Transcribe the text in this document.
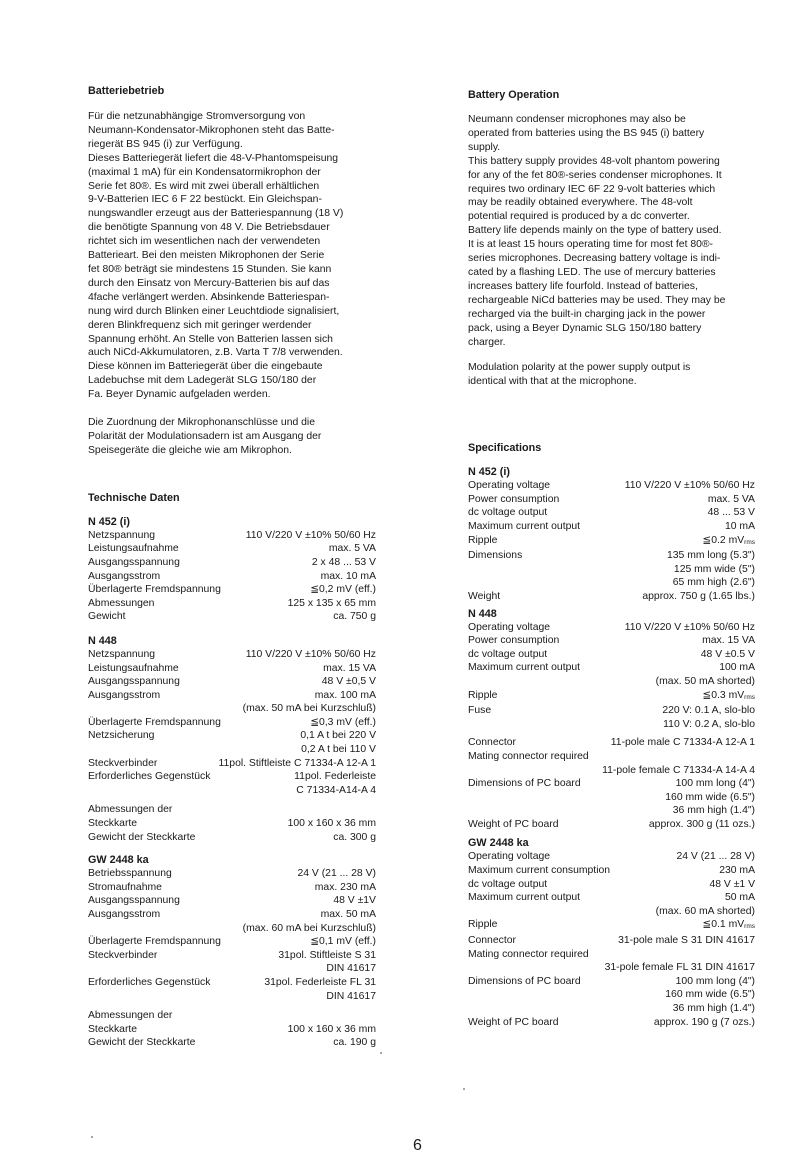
Batteriebetrieb

Für die netzunabhängige Stromversorgung von
Neumann-Kondensator-Mikrophonen steht das Batte-
riegerät BS 945 (i) zur Verfügung.

Dieses Batteriegerät liefert die 48-V-Phantomspeisung
(maximal 1 mA) für ein Kondensatormikrophon der
Serie fet 80®. Es wird mit zwei überall erhältlichen
9-V-Batterien IEC 6 F 22 bestückt. Ein Gleichspan-
nungswandler erzeugt aus der Batteriespannung (18 V)
die benötigte Spannung von 48 V. Die Betriebsdauer
richtet sich im wesentlichen nach der verwendeten
Batterieart. Bei den meisten Mikrophonen der Serie
fet 80® beträgt sie mindestens 15 Stunden. Sie kann
durch den Einsatz von Mercury-Batterien bis auf das
4fache verlängert werden. Absinkende Batteriespan-
nung wird durch Blinken einer Leuchtdiode signalisiert,
deren Blinkfrequenz sich mit geringer werdender
Spannung erhöht. An Stelle von Batterien lassen sich
auch NiCd-Akkumulatoren, z.B. Varta T 7/8 verwenden.
Diese können im Batteriegerät über die eingebaute
Ladebuchse mit dem Ladegerät SLG 150/180 der
Fa. Beyer Dynamic aufgeladen werden.

Die Zuordnung der Mikrophonanschlüsse und die
Polarität der Modulationsadern ist am Ausgang der
Speisegeräte die gleiche wie am Mikrophon.

Technische Daten
N 452 (i)
Netzspannung	110 V/220 V ±10% 50/60 Hz
Leistungsaufnahme	max. 5 VA
Ausgangsspannung	2 x 48 ... 53 V
Ausgangsstrom	max. 10 mA
Überlagerte Fremdspannung	≦0,2 mV (eff.)
Abmessungen	125 x 135 x 65 mm
Gewicht	ca. 750 g
N 448
Netzspannung	110 V/220 V ±10% 50/60 Hz
Leistungsaufnahme	max. 15 VA
Ausgangsspannung	48 V ±0,5 V
Ausgangsstrom	max. 100 mA
(max. 50 mA bei Kurzschluß)
Überlagerte Fremdspannung	≦0,3 mV (eff.)
Netzsicherung	0,1 A t bei 220 V
0,2 A t bei 110 V
Steckverbinder	11pol. Stiftleiste C 71334-A 12-A 1
Erforderliches Gegenstück	11pol. Federleiste
C 71334-A14-A 4
Abmessungen der
Steckkarte	100 x 160 x 36 mm
Gewicht der Steckkarte	ca. 300 g
GW 2448 ka
Betriebsspannung	24 V (21 ... 28 V)
Stromaufnahme	max. 230 mA
Ausgangsspannung	48 V ±1V
Ausgangsstrom	max. 50 mA
(max. 60 mA bei Kurzschluß)
Überlagerte Fremdspannung	≦0,1 mV (eff.)
Steckverbinder	31pol. Stiftleiste S 31
DIN 41617
Erforderliches Gegenstück	31pol. Federleiste FL 31
DIN 41617
Abmessungen der
Steckkarte	100 x 160 x 36 mm
Gewicht der Steckkarte	ca. 190 g
Battery Operation

Neumann condenser microphones may also be
operated from batteries using the BS 945 (i) battery
supply.
This battery supply provides 48-volt phantom powering
for any of the fet 80®-series condenser microphones. It
requires two ordinary IEC 6F 22 9-volt batteries which
may be readily obtained everywhere. The 48-volt
potential required is produced by a dc converter.
Battery life depends mainly on the type of battery used.
It is at least 15 hours operating time for most fet 80®-
series microphones. Decreasing battery voltage is indi-
cated by a flashing LED. The use of mercury batteries
increases battery life fourfold. Instead of batteries,
rechargeable NiCd batteries may be used. They may be
recharged via the built-in charging jack in the power
pack, using a Beyer Dynamic SLG 150/180 battery
charger.

Modulation polarity at the power supply output is
identical with that at the microphone.

Specifications
N 452 (i)
Operating voltage	110 V/220 V ±10% 50/60 Hz
Power consumption	max. 5 VA
dc voltage output	48 ... 53 V
Maximum current output	10 mA
Ripple	≦0.2 $mV_{rms}$
Dimensions	135 mm long (5.3")
125 mm wide (5")
65 mm high (2.6")
Weight	approx. 750 g (1.65 lbs.)
N 448
Operating voltage	110 V/220 V ±10% 50/60 Hz
Power consumption	max. 15 VA
dc voltage output	48 V ±0.5 V
Maximum current output	100 mA
(max. 50 mA shorted)
Ripple	≦0.3 $mV_{rms}$
Fuse	220 V: 0.1 A, slo-blo
110 V: 0.2 A, slo-blo
Connector	11-pole male C 71334-A 12-A 1
Mating connector required
11-pole female C 71334-A 14-A 4
Dimensions of PC board	100 mm long (4")
160 mm wide (6.5")
36 mm high (1.4")
Weight of PC board	approx. 300 g (11 ozs.)
GW 2448 ka
Operating voltage	24 V (21 ... 28 V)
Maximum current consumption	230 mA
dc voltage output	48 V ±1 V
Maximum current output	50 mA
(max. 60 mA shorted)
Ripple	≦0.1 $mV_{rms}$
Connector	31-pole male S 31 DIN 41617
Mating connector required
31-pole female FL 31 DIN 41617
Dimensions of PC board	100 mm long (4")
160 mm wide (6.5")
36 mm high (1.4")
Weight of PC board	approx. 190 g (7 ozs.)
6
